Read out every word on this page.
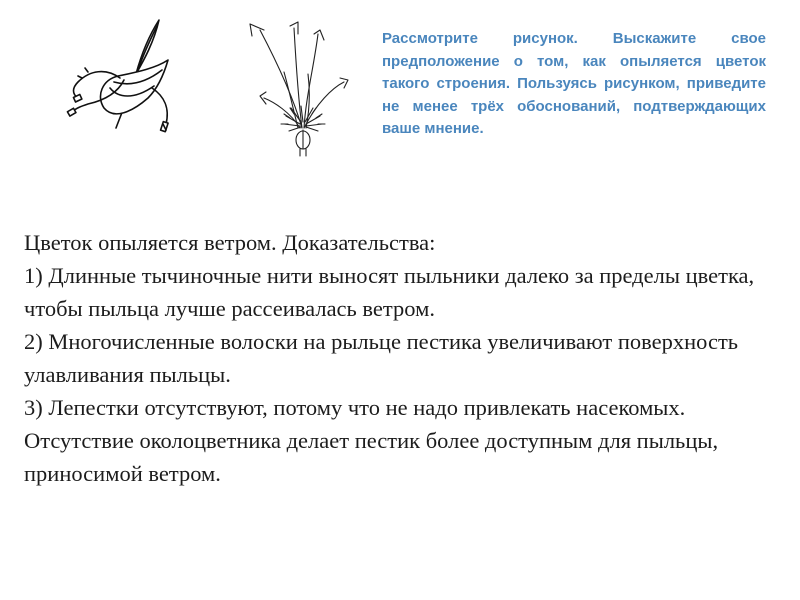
Рассмотрите рисунок. Выскажите свое предположение о том, как опыляется цветок такого строения. Пользуясь рисунком, приведите не менее трёх обоснований, подтверждающих ваше мнение.

Цветок опыляется ветром. Доказательства:

1) Длинные тычиночные нити выносят пыльники далеко за пределы цветка, чтобы пыльца лучше рассеивалась ветром.

2) Многочисленные волоски на рыльце пестика увеличивают поверхность улавливания пыльцы.

3) Лепестки отсутствуют, потому что не надо привлекать насекомых. Отсутствие околоцветника делает пестик более доступным для пыльцы, приносимой ветром.
